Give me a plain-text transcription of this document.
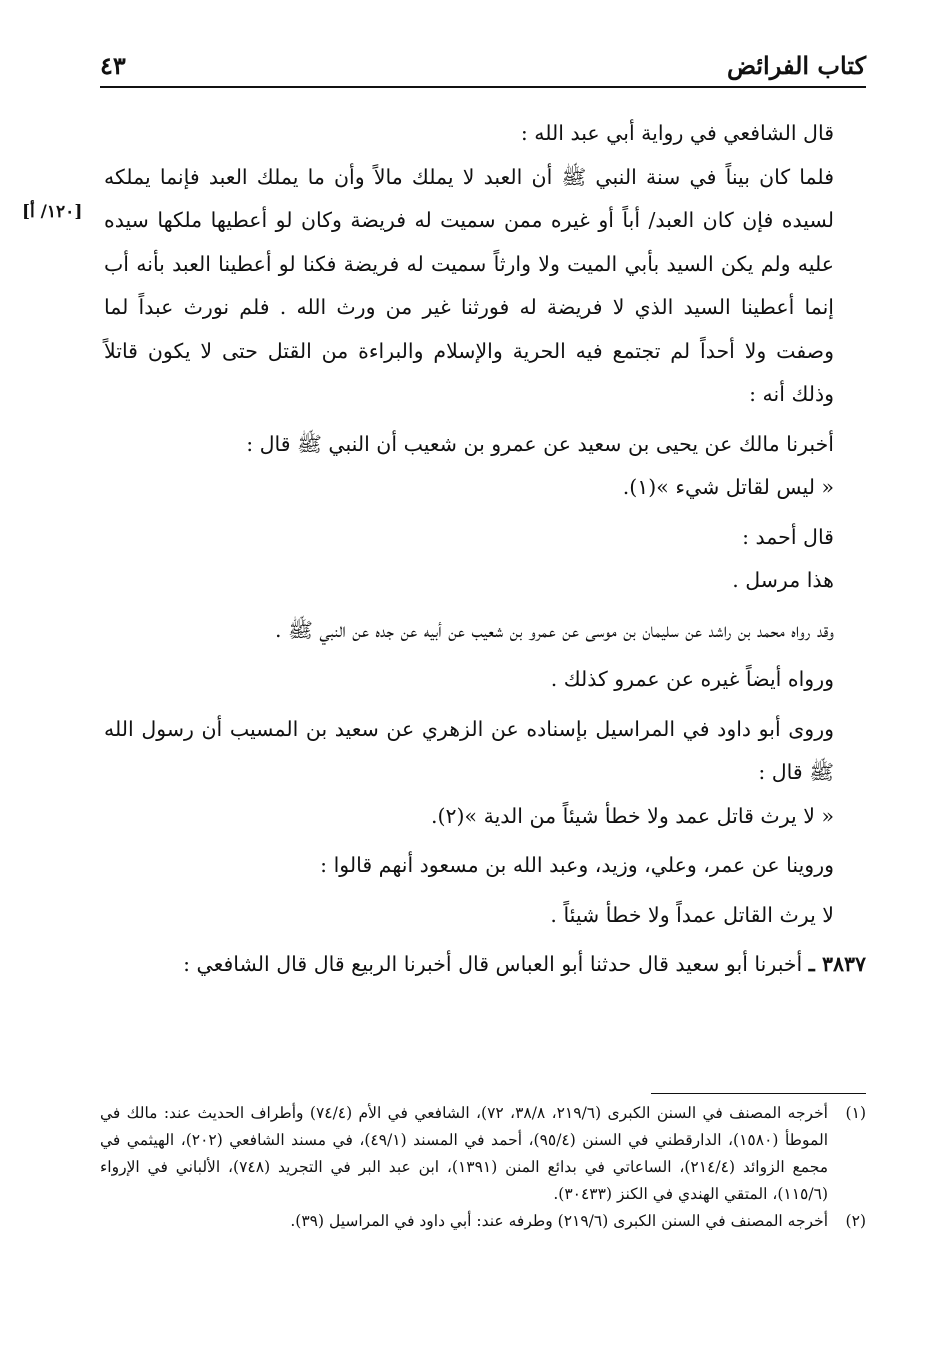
كتاب الفرائض
٤٣
[١٢٠/ أ]

قال الشافعي في رواية أبي عبد الله :

فلما كان بيناً في سنة النبي ﷺ أن العبد لا يملك مالاً وأن ما يملك العبد فإنما يملكه لسيده فإن كان العبد/ أباً أو غيره ممن سميت له فريضة وكان لو أعطيها ملكها سيده عليه ولم يكن السيد بأبي الميت ولا وارثاً سميت له فريضة فكنا لو أعطينا العبد بأنه أب إنما أعطينا السيد الذي لا فريضة له فورثنا غير من ورث الله . فلم نورث عبداً لما وصفت ولا أحداً لم تجتمع فيه الحرية والإسلام والبراءة من القتل حتى لا يكون قاتلاً وذلك أنه :

أخبرنا مالك عن يحيى بن سعيد عن عمرو بن شعيب أن النبي ﷺ قال :

« ليس لقاتل شيء »(١).

قال أحمد :

هذا مرسل .

وقد رواه محمد بن راشد عن سليمان بن موسى عن عمرو بن شعيب عن أبيه عن جده عن النبي ﷺ .

ورواه أيضاً غيره عن عمرو كذلك .

وروى أبو داود في المراسيل بإسناده عن الزهري عن سعيد بن المسيب أن رسول الله ﷺ قال :

« لا يرث قاتل عمد ولا خطأ شيئاً من الدية »(٢).

وروينا عن عمر، وعلي، وزيد، وعبد الله بن مسعود أنهم قالوا :

لا يرث القاتل عمداً ولا خطأ شيئاً .

٣٨٣٧ ـ أخبرنا أبو سعيد قال حدثنا أبو العباس قال أخبرنا الربيع قال قال الشافعي :

(١)
أخرجه المصنف في السنن الكبرى (٢١٩/٦، ٣٨/٨، ٧٢)، الشافعي في الأم (٧٤/٤) وأطراف الحديث عند: مالك في الموطأ (١٥٨٠)، الدارقطني في السنن (٩٥/٤)، أحمد في المسند (٤٩/١)، في مسند الشافعي (٢٠٢)، الهيثمي في مجمع الزوائد (٢١٤/٤)، الساعاتي في بدائع المنن (١٣٩١)، ابن عبد البر في التجريد (٧٤٨)، الألباني في الإرواء (١١٥/٦)، المتقي الهندي في الكنز (٣٠٤٣٣).
(٢)
أخرجه المصنف في السنن الكبرى (٢١٩/٦) وطرفه عند: أبي داود في المراسيل (٣٩).
